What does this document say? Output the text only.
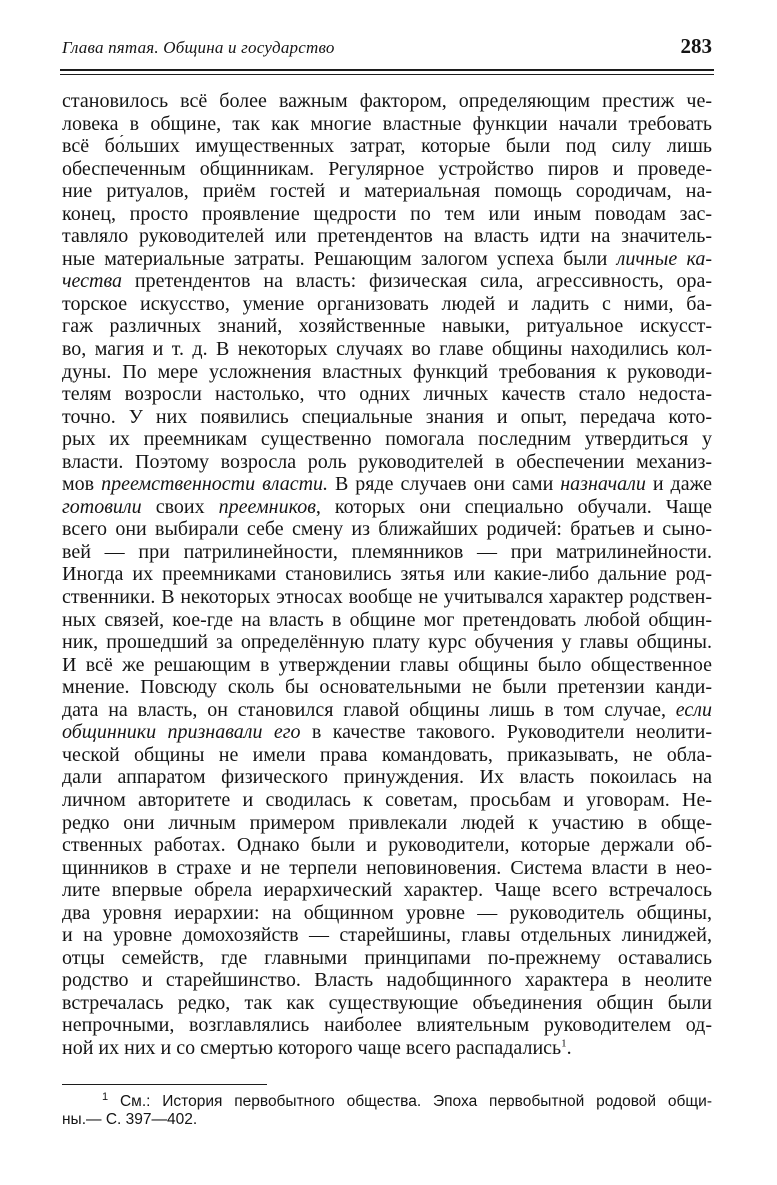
Глава пятая. Община и государство	283
становилось всё более важным фактором, определяющим престиж че-
ловека в общине, так как многие властные функции начали требовать
всё бо́льших имущественных затрат, которые были под силу лишь
обеспеченным общинникам. Регулярное устройство пиров и проведе-
ние ритуалов, приём гостей и материальная помощь сородичам, на-
конец, просто проявление щедрости по тем или иным поводам зас-
тавляло руководителей или претендентов на власть идти на значитель-
ные материальные затраты. Решающим залогом успеха были личные ка-
чества претендентов на власть: физическая сила, агрессивность, ора-
торское искусство, умение организовать людей и ладить с ними, ба-
гаж различных знаний, хозяйственные навыки, ритуальное искусст-
во, магия и т. д. В некоторых случаях во главе общины находились кол-
дуны. По мере усложнения властных функций требования к руководи-
телям возросли настолько, что одних личных качеств стало недоста-
точно. У них появились специальные знания и опыт, передача кото-
рых их преемникам существенно помогала последним утвердиться у
власти. Поэтому возросла роль руководителей в обеспечении механиз-
мов преемственности власти. В ряде случаев они сами назначали и даже
готовили своих преемников, которых они специально обучали. Чаще
всего они выбирали себе смену из ближайших родичей: братьев и сыно-
вей — при патрилинейности, племянников — при матрилинейности.
Иногда их преемниками становились зятья или какие-либо дальние род-
ственники. В некоторых этносах вообще не учитывался характер родствен-
ных связей, кое-где на власть в общине мог претендовать любой общин-
ник, прошедший за определённую плату курс обучения у главы общины.
И всё же решающим в утверждении главы общины было общественное
мнение. Повсюду сколь бы основательными не были претензии канди-
дата на власть, он становился главой общины лишь в том случае, если
общинники признавали его в качестве такового. Руководители неолити-
ческой общины не имели права командовать, приказывать, не обла-
дали аппаратом физического принуждения. Их власть покоилась на
личном авторитете и сводилась к советам, просьбам и уговорам. Не-
редко они личным примером привлекали людей к участию в обще-
ственных работах. Однако были и руководители, которые держали об-
щинников в страхе и не терпели неповиновения. Система власти в нео-
лите впервые обрела иерархический характер. Чаще всего встречалось
два уровня иерархии: на общинном уровне — руководитель общины,
и на уровне домохозяйств — старейшины, главы отдельных линиджей,
отцы семейств, где главными принципами по-прежнему оставались
родство и старейшинство. Власть надобщинного характера в неолите
встречалась редко, так как существующие объединения общин были
непрочными, возглавлялись наиболее влиятельным руководителем од-
ной их них и со смертью которого чаще всего распадались$^1$.
$^1$ См.: История первобытного общества. Эпоха первобытной родовой общи-
ны.— С. 397—402.
